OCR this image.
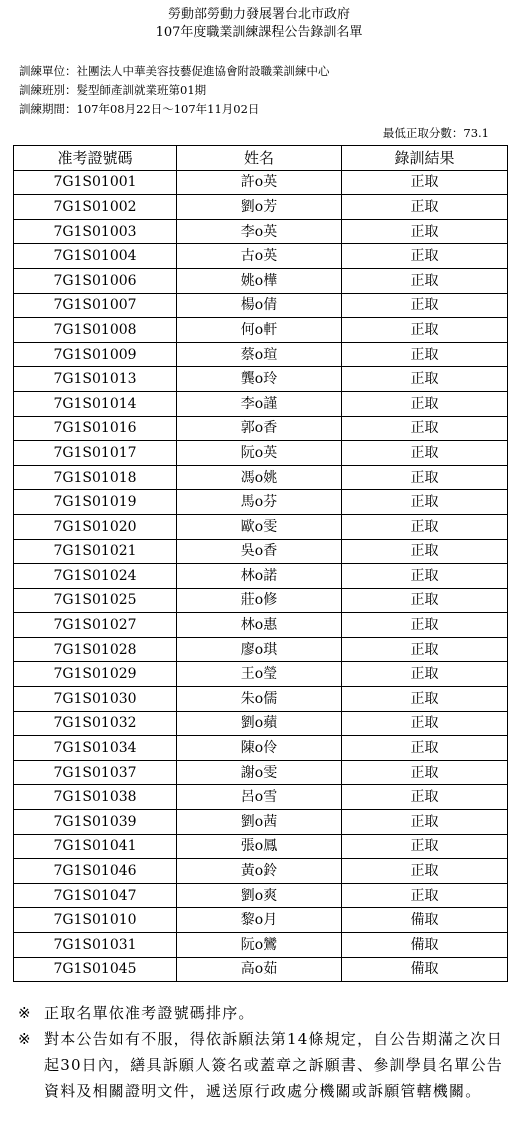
勞動部勞動力發展署台北市政府
107年度職業訓練課程公告錄訓名單
訓練單位：社團法人中華美容技藝促進協會附設職業訓練中心
訓練班別：髮型師產訓就業班第01期
訓練期間：107年08月22日～107年11月02日
最低正取分數：73.1
准考證號碼	姓名	錄訓結果
7G1S01001	許o英	正取
7G1S01002	劉o芳	正取
7G1S01003	李o英	正取
7G1S01004	古o英	正取
7G1S01006	姚o樺	正取
7G1S01007	楊o倩	正取
7G1S01008	何o軒	正取
7G1S01009	蔡o瑄	正取
7G1S01013	龔o玲	正取
7G1S01014	李o謹	正取
7G1S01016	郭o香	正取
7G1S01017	阮o英	正取
7G1S01018	馮o姚	正取
7G1S01019	馬o芬	正取
7G1S01020	歐o雯	正取
7G1S01021	吳o香	正取
7G1S01024	林o諾	正取
7G1S01025	莊o修	正取
7G1S01027	林o惠	正取
7G1S01028	廖o琪	正取
7G1S01029	王o瑩	正取
7G1S01030	朱o儒	正取
7G1S01032	劉o蘋	正取
7G1S01034	陳o伶	正取
7G1S01037	謝o雯	正取
7G1S01038	呂o雪	正取
7G1S01039	劉o茜	正取
7G1S01041	張o鳳	正取
7G1S01046	黃o鈴	正取
7G1S01047	劉o爽	正取
7G1S01010	黎o月	備取
7G1S01031	阮o鸞	備取
7G1S01045	高o茹	備取
※ 正取名單依准考證號碼排序。
※ 對本公告如有不服，得依訴願法第14條規定，自公告期滿之次日起30日內，繕具訴願人簽名或蓋章之訴願書、參訓學員名單公告資料及相關證明文件，遞送原行政處分機關或訴願管轄機關。
